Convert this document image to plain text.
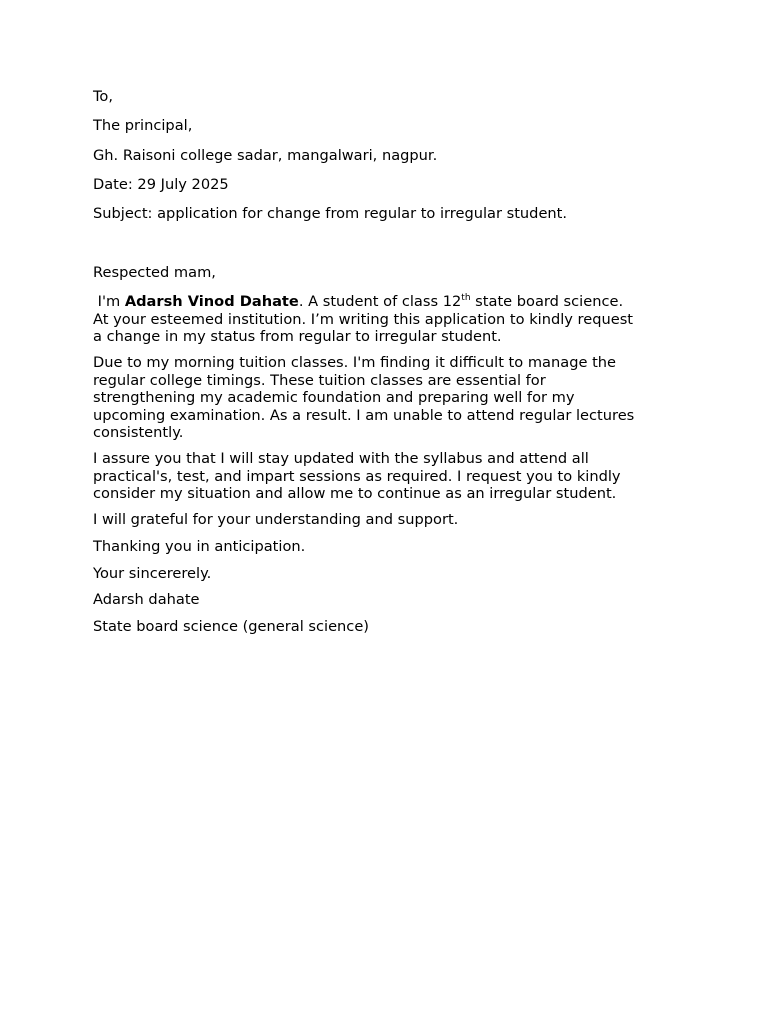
To,

The principal,

Gh. Raisoni college sadar, mangalwari, nagpur.

Date: 29 July 2025

Subject: application for change from regular to irregular student.

Respected mam,

I'm Adarsh Vinod Dahate. A student of class 12th state board science.
At your esteemed institution. I’m writing this application to kindly request
a change in my status from regular to irregular student.
Due to my morning tuition classes. I'm finding it difficult to manage the
regular college timings. These tuition classes are essential for
strengthening my academic foundation and preparing well for my
upcoming examination. As a result. I am unable to attend regular lectures
consistently.
I assure you that I will stay updated with the syllabus and attend all
practical's, test, and impart sessions as required. I request you to kindly
consider my situation and allow me to continue as an irregular student.

I will grateful for your understanding and support.

Thanking you in anticipation.

Your sincererely.

Adarsh dahate

State board science (general science)
